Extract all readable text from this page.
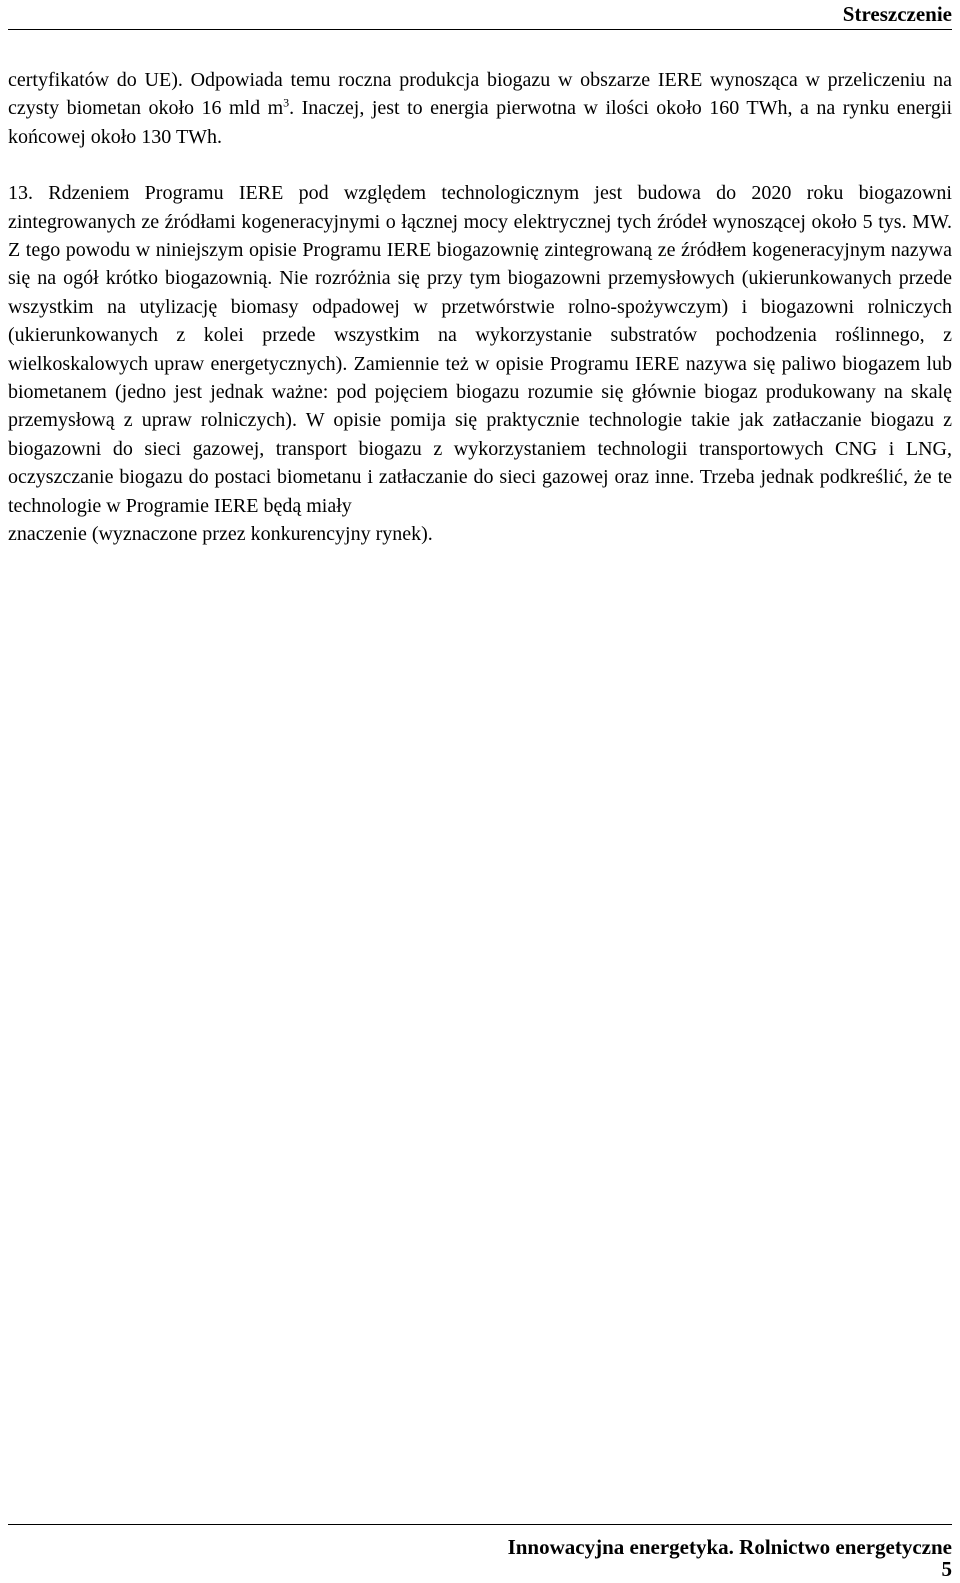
Streszczenie

certyfikatów do UE). Odpowiada temu roczna produkcja biogazu w obszarze IERE wynosząca w przeliczeniu na czysty biometan około 16 mld $m^3$. Inaczej, jest to energia pierwotna w ilości około 160 TWh, a na rynku energii końcowej około 130 TWh.

13. Rdzeniem Programu IERE pod względem technologicznym jest budowa do 2020 roku biogazowni zintegrowanych ze źródłami kogeneracyjnymi o łącznej mocy elektrycznej tych źródeł wynoszącej około 5 tys. MW. Z tego powodu w niniejszym opisie Programu IERE biogazownię zintegrowaną ze źródłem kogeneracyjnym nazywa się na ogół krótko biogazownią. Nie rozróżnia się przy tym biogazowni przemysłowych (ukierunkowanych przede wszystkim na utylizację biomasy odpadowej w przetwórstwie rolno-spożywczym) i biogazowni rolniczych (ukierunkowanych z kolei przede wszystkim na wykorzystanie substratów pochodzenia roślinnego, z wielkoskalowych upraw energetycznych). Zamiennie też w opisie Programu IERE nazywa się paliwo biogazem lub biometanem (jedno jest jednak ważne: pod pojęciem biogazu rozumie się głównie biogaz produkowany na skalę przemysłową z upraw rolniczych). W opisie pomija się praktycznie technologie takie jak zatłaczanie biogazu z biogazowni do sieci gazowej, transport biogazu z wykorzystaniem technologii transportowych CNG i LNG, oczyszczanie biogazu do postaci biometanu i zatłaczanie do sieci gazowej oraz inne. Trzeba jednak podkreślić, że te technologie w Programie IERE będą miały

znaczenie (wyznaczone przez konkurencyjny rynek).

Innowacyjna energetyka. Rolnictwo energetyczne
5
